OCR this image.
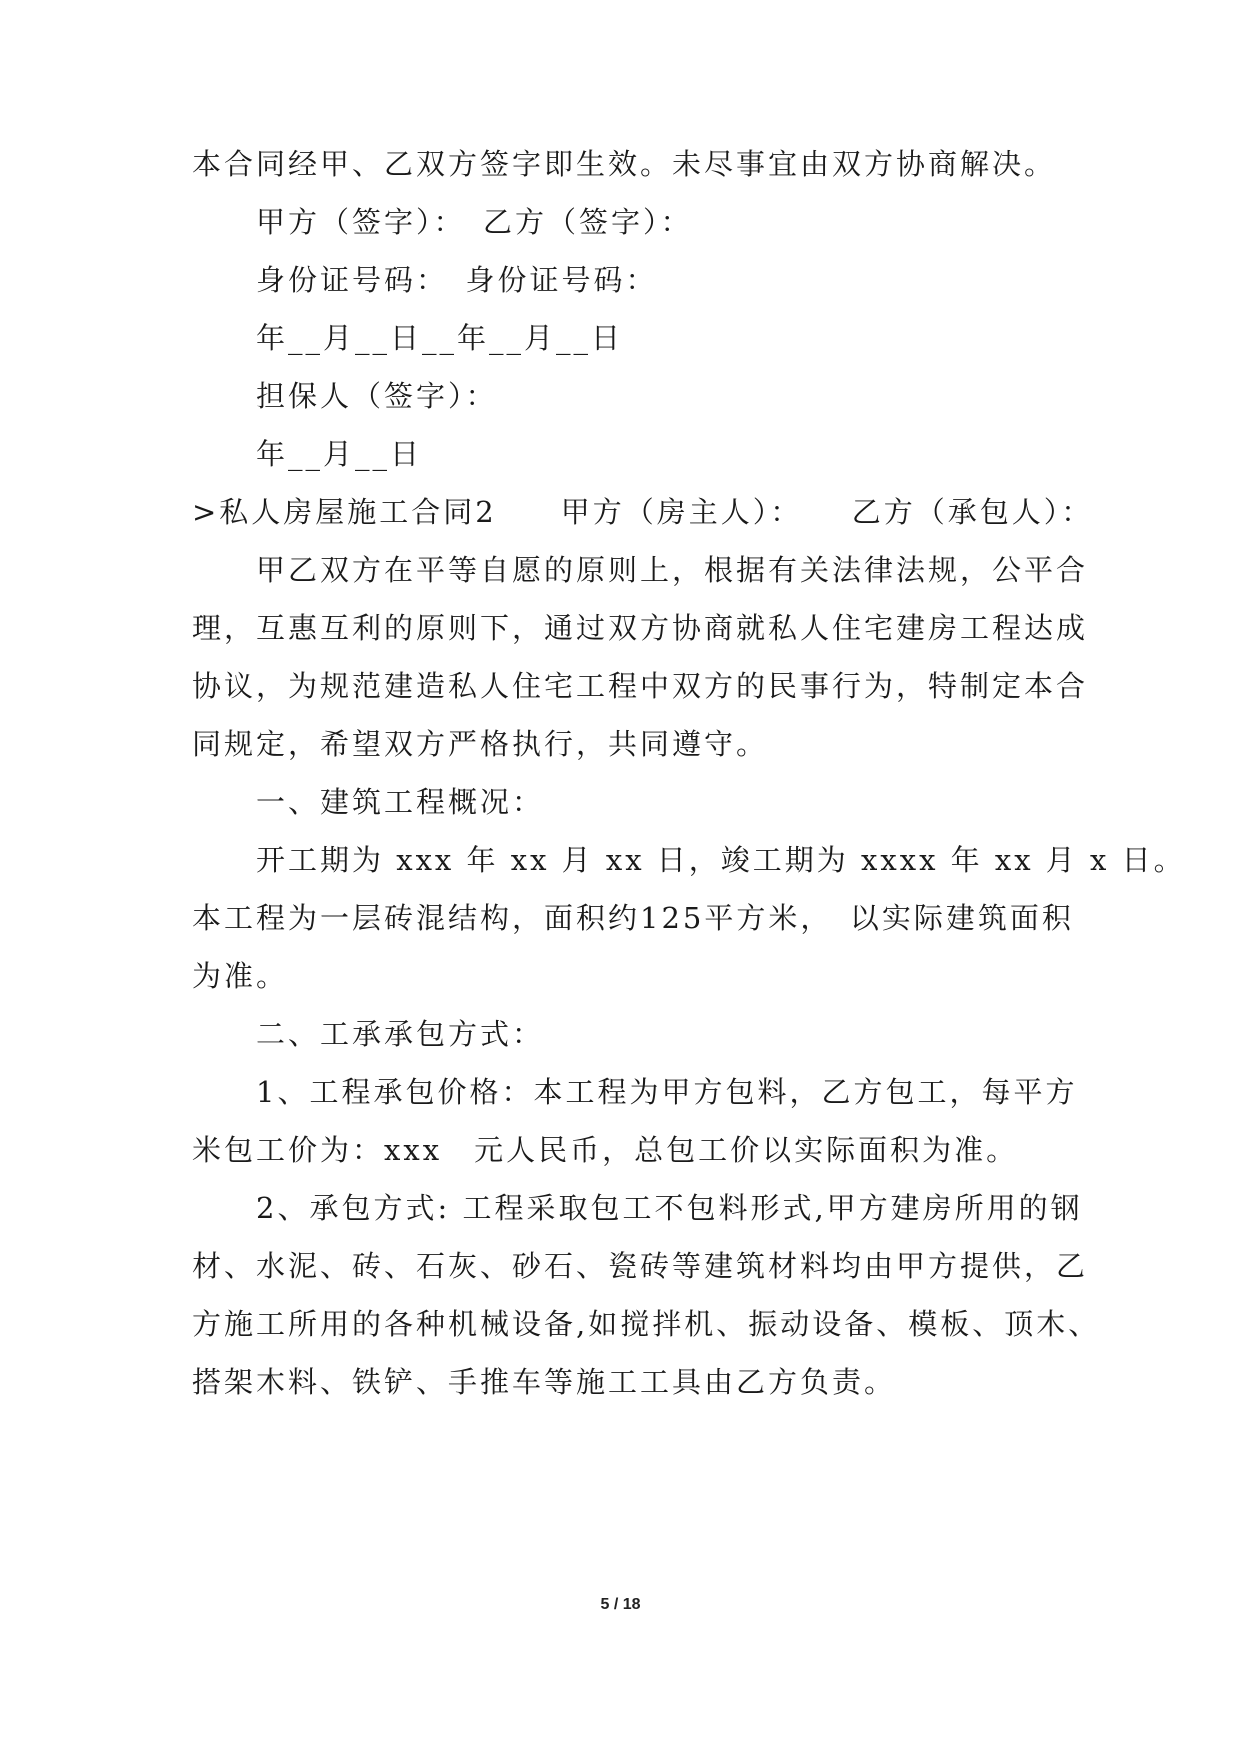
本合同经甲、乙双方签字即生效。未尽事宜由双方协商解决。
　　甲方（签字）：　乙方（签字）：
　　身份证号码：　身份证号码：
　　年__月__日__年__月__日
　　担保人（签字）：
　　年__月__日
>私人房屋施工合同2　　甲方（房主人）：　　乙方（承包人）：
　　甲乙双方在平等自愿的原则上，根据有关法律法规，公平合
理，互惠互利的原则下，通过双方协商就私人住宅建房工程达成
协议，为规范建造私人住宅工程中双方的民事行为，特制定本合
同规定，希望双方严格执行，共同遵守。
　　一、建筑工程概况：
　　开工期为 xxx 年 xx 月 xx 日，竣工期为 xxxx 年 xx 月 x 日。
本工程为一层砖混结构，面积约125平方米，　以实际建筑面积
为准。
　　二、工承承包方式：
　　1、工程承包价格：本工程为甲方包料，乙方包工，每平方
米包工价为：xxx　元人民币，总包工价以实际面积为准。
　　2、承包方式: 工程采取包工不包料形式,甲方建房所用的钢
材、水泥、砖、石灰、砂石、瓷砖等建筑材料均由甲方提供，乙
方施工所用的各种机械设备,如搅拌机、振动设备、模板、顶木、
搭架木料、铁铲、手推车等施工工具由乙方负责。
5 / 18
